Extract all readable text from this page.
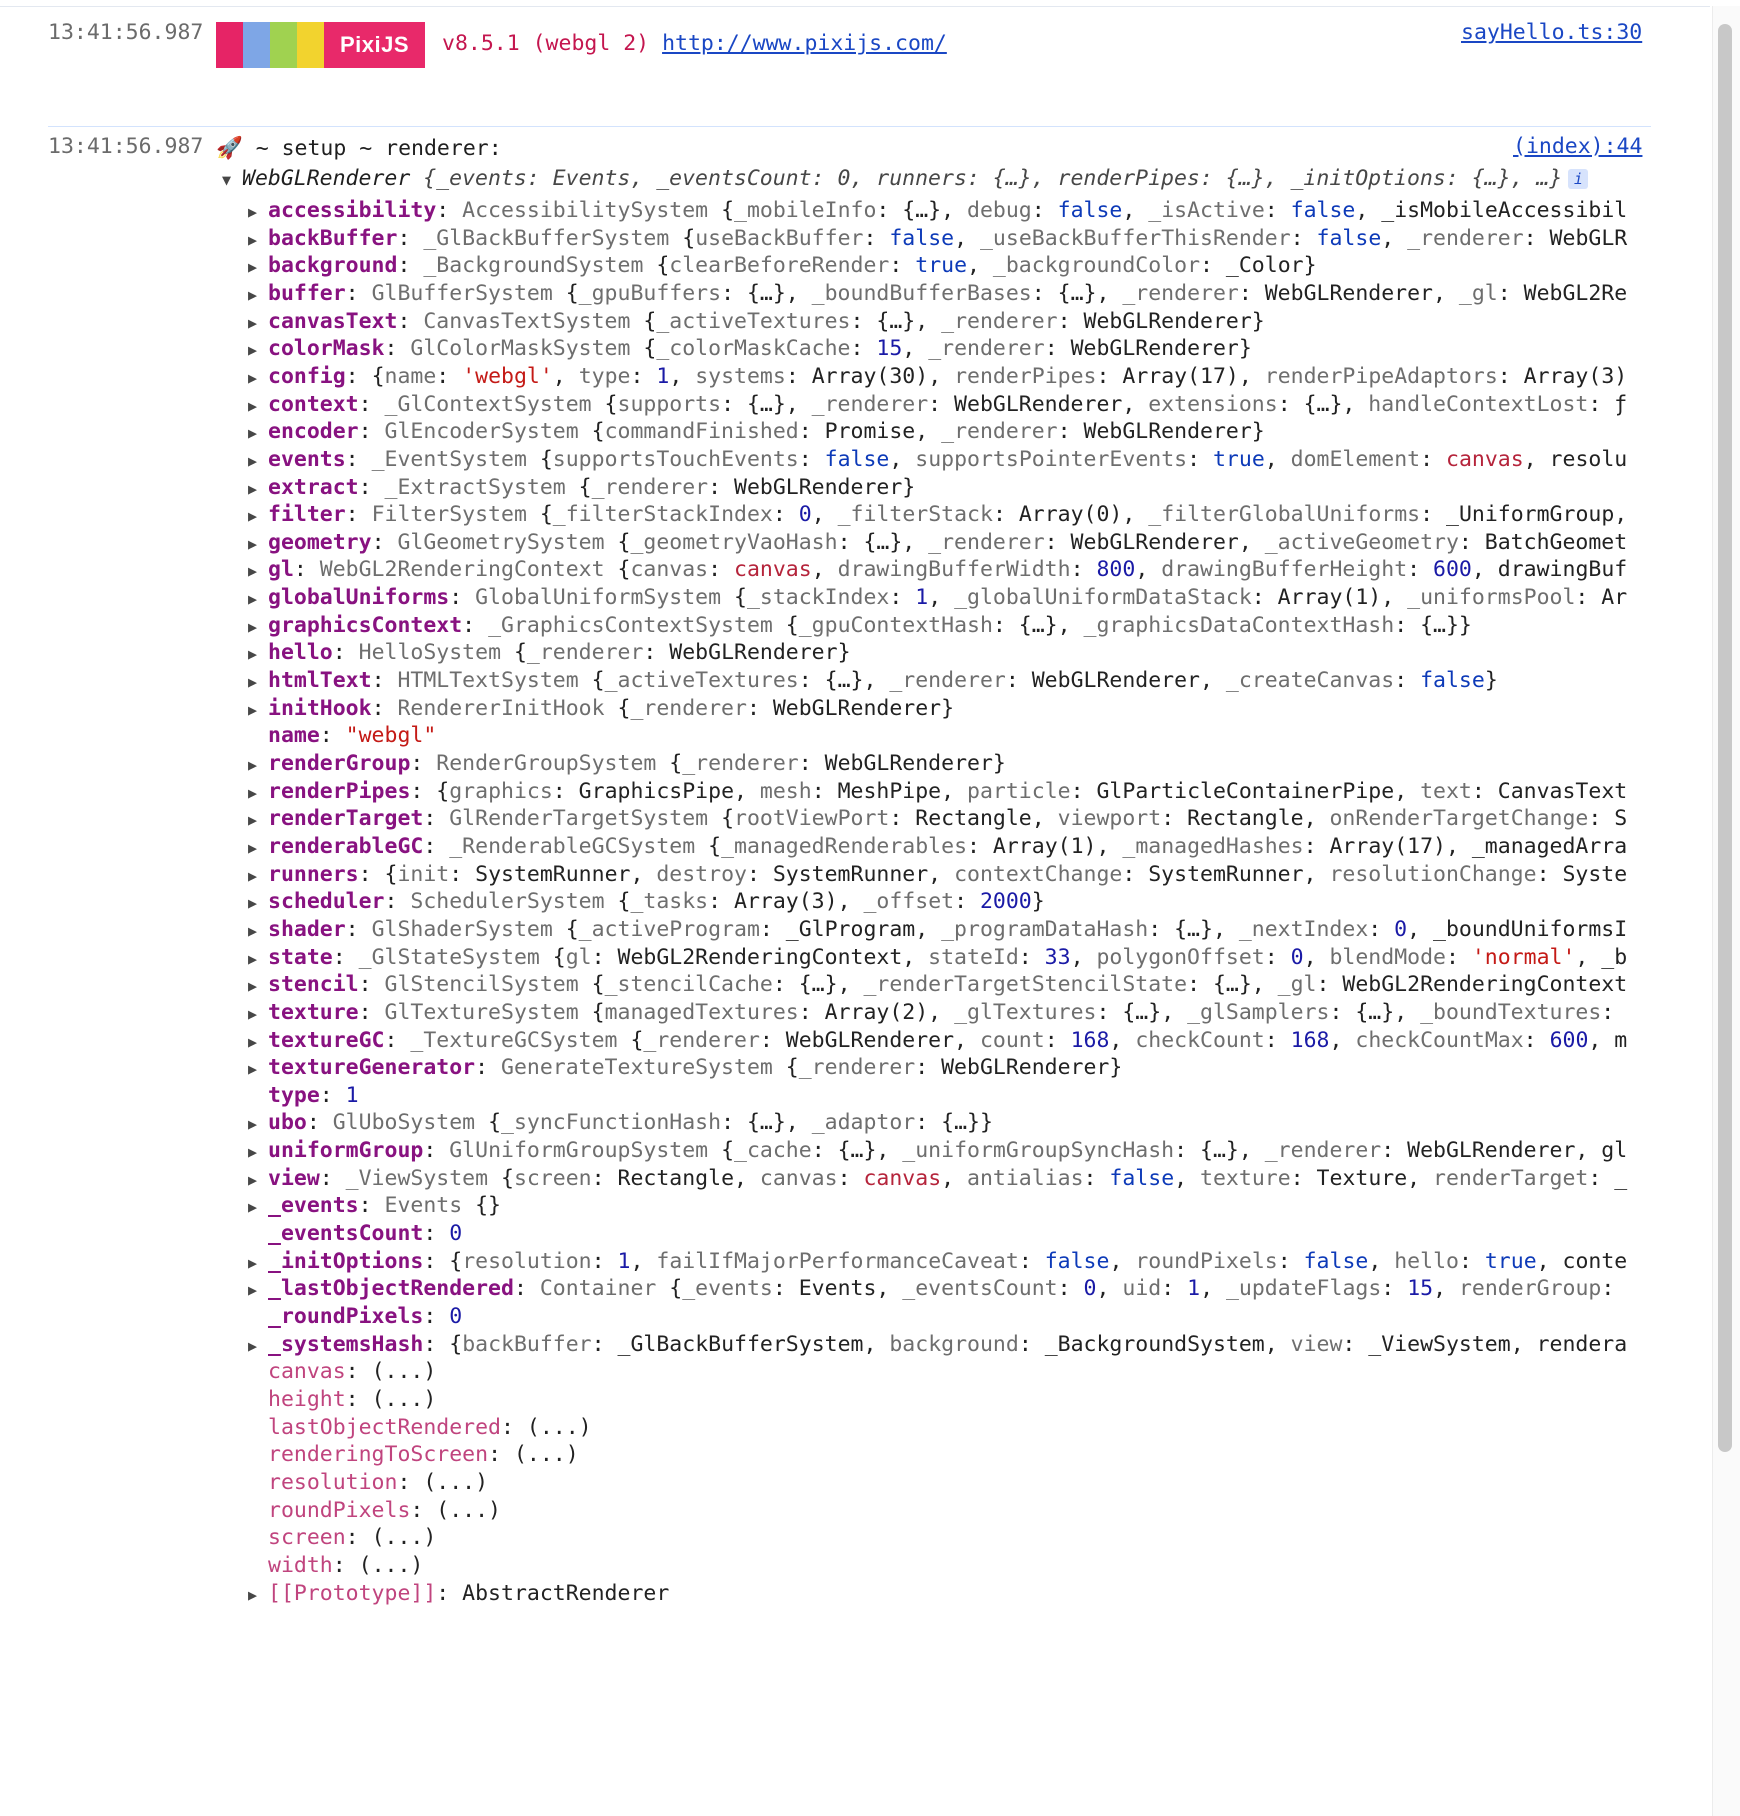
13:41:56.987	PixiJS	v8.5.1 (webgl 2) http://www.pixijs.com/	sayHello.ts:30
13:41:56.987 🚀 ~ setup ~ renderer:	(index):44
▼ WebGLRenderer {_events: Events, _eventsCount: 0, runners: {…}, renderPipes: {…}, _initOptions: {…}, …} i
▶ accessibility: AccessibilitySystem {_mobileInfo: {…}, debug: false, _isActive: false, _isMobileAccessibil
▶ backBuffer: _GlBackBufferSystem {useBackBuffer: false, _useBackBufferThisRender: false, _renderer: WebGLR
▶ background: _BackgroundSystem {clearBeforeRender: true, _backgroundColor: _Color}
▶ buffer: GlBufferSystem {_gpuBuffers: {…}, _boundBufferBases: {…}, _renderer: WebGLRenderer, _gl: WebGL2Re
▶ canvasText: CanvasTextSystem {_activeTextures: {…}, _renderer: WebGLRenderer}
▶ colorMask: GlColorMaskSystem {_colorMaskCache: 15, _renderer: WebGLRenderer}
▶ config: {name: 'webgl', type: 1, systems: Array(30), renderPipes: Array(17), renderPipeAdaptors: Array(3)
▶ context: _GlContextSystem {supports: {…}, _renderer: WebGLRenderer, extensions: {…}, handleContextLost: ƒ
▶ encoder: GlEncoderSystem {commandFinished: Promise, _renderer: WebGLRenderer}
▶ events: _EventSystem {supportsTouchEvents: false, supportsPointerEvents: true, domElement: canvas, resolu
▶ extract: _ExtractSystem {_renderer: WebGLRenderer}
▶ filter: FilterSystem {_filterStackIndex: 0, _filterStack: Array(0), _filterGlobalUniforms: _UniformGroup,
▶ geometry: GlGeometrySystem {_geometryVaoHash: {…}, _renderer: WebGLRenderer, _activeGeometry: BatchGeomet
▶ gl: WebGL2RenderingContext {canvas: canvas, drawingBufferWidth: 800, drawingBufferHeight: 600, drawingBuf
▶ globalUniforms: GlobalUniformSystem {_stackIndex: 1, _globalUniformDataStack: Array(1), _uniformsPool: Ar
▶ graphicsContext: _GraphicsContextSystem {_gpuContextHash: {…}, _graphicsDataContextHash: {…}}
▶ hello: HelloSystem {_renderer: WebGLRenderer}
▶ htmlText: HTMLTextSystem {_activeTextures: {…}, _renderer: WebGLRenderer, _createCanvas: false}
▶ initHook: RendererInitHook {_renderer: WebGLRenderer}
name: "webgl"
▶ renderGroup: RenderGroupSystem {_renderer: WebGLRenderer}
▶ renderPipes: {graphics: GraphicsPipe, mesh: MeshPipe, particle: GlParticleContainerPipe, text: CanvasText
▶ renderTarget: GlRenderTargetSystem {rootViewPort: Rectangle, viewport: Rectangle, onRenderTargetChange: S
▶ renderableGC: _RenderableGCSystem {_managedRenderables: Array(1), _managedHashes: Array(17), _managedArra
▶ runners: {init: SystemRunner, destroy: SystemRunner, contextChange: SystemRunner, resolutionChange: Syste
▶ scheduler: SchedulerSystem {_tasks: Array(3), _offset: 2000}
▶ shader: GlShaderSystem {_activeProgram: _GlProgram, _programDataHash: {…}, _nextIndex: 0, _boundUniformsI
▶ state: _GlStateSystem {gl: WebGL2RenderingContext, stateId: 33, polygonOffset: 0, blendMode: 'normal', _b
▶ stencil: GlStencilSystem {_stencilCache: {…}, _renderTargetStencilState: {…}, _gl: WebGL2RenderingContext
▶ texture: GlTextureSystem {managedTextures: Array(2), _glTextures: {…}, _glSamplers: {…}, _boundTextures:
▶ textureGC: _TextureGCSystem {_renderer: WebGLRenderer, count: 168, checkCount: 168, checkCountMax: 600, m
▶ textureGenerator: GenerateTextureSystem {_renderer: WebGLRenderer}
type: 1
▶ ubo: GlUboSystem {_syncFunctionHash: {…}, _adaptor: {…}}
▶ uniformGroup: GlUniformGroupSystem {_cache: {…}, _uniformGroupSyncHash: {…}, _renderer: WebGLRenderer, gl
▶ view: _ViewSystem {screen: Rectangle, canvas: canvas, antialias: false, texture: Texture, renderTarget: _
▶ _events: Events {}
_eventsCount: 0
▶ _initOptions: {resolution: 1, failIfMajorPerformanceCaveat: false, roundPixels: false, hello: true, conte
▶ _lastObjectRendered: Container {_events: Events, _eventsCount: 0, uid: 1, _updateFlags: 15, renderGroup:
_roundPixels: 0
▶ _systemsHash: {backBuffer: _GlBackBufferSystem, background: _BackgroundSystem, view: _ViewSystem, rendera
canvas: (...)
height: (...)
lastObjectRendered: (...)
renderingToScreen: (...)
resolution: (...)
roundPixels: (...)
screen: (...)
width: (...)
▶ [[Prototype]]: AbstractRenderer
